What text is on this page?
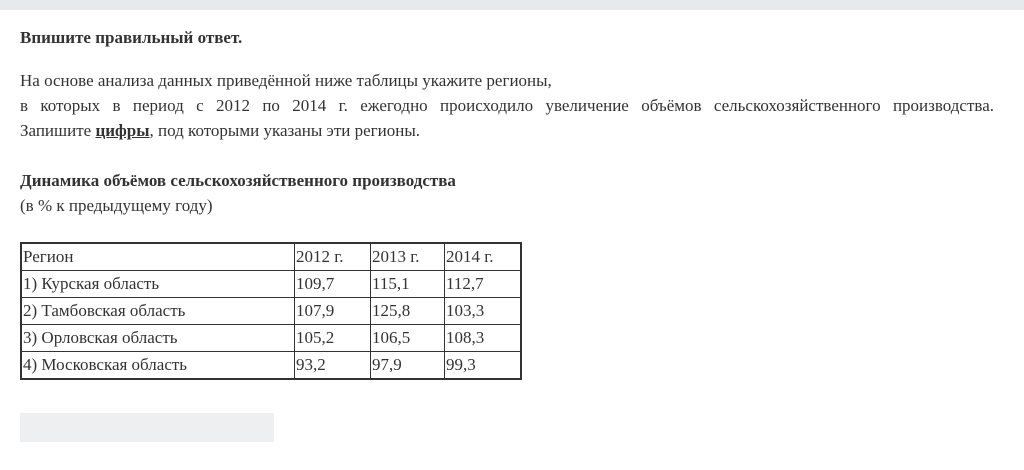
Впишите правильный ответ.

На основе анализа данных приведённой ниже таблицы укажите регионы,
в которых в период с 2012 по 2014 г. ежегодно происходило увеличение объёмов сельскохозяйственного производства.
Запишите цифры, под которыми указаны эти регионы.
Динамика объёмов сельскохозяйственного производства
(в % к предыдущему году)
Регион	2012 г.	2013 г.	2014 г.
1) Курская область	109,7	115,1	112,7
2) Тамбовская область	107,9	125,8	103,3
3) Орловская область	105,2	106,5	108,3
4) Московская область	93,2	97,9	99,3
